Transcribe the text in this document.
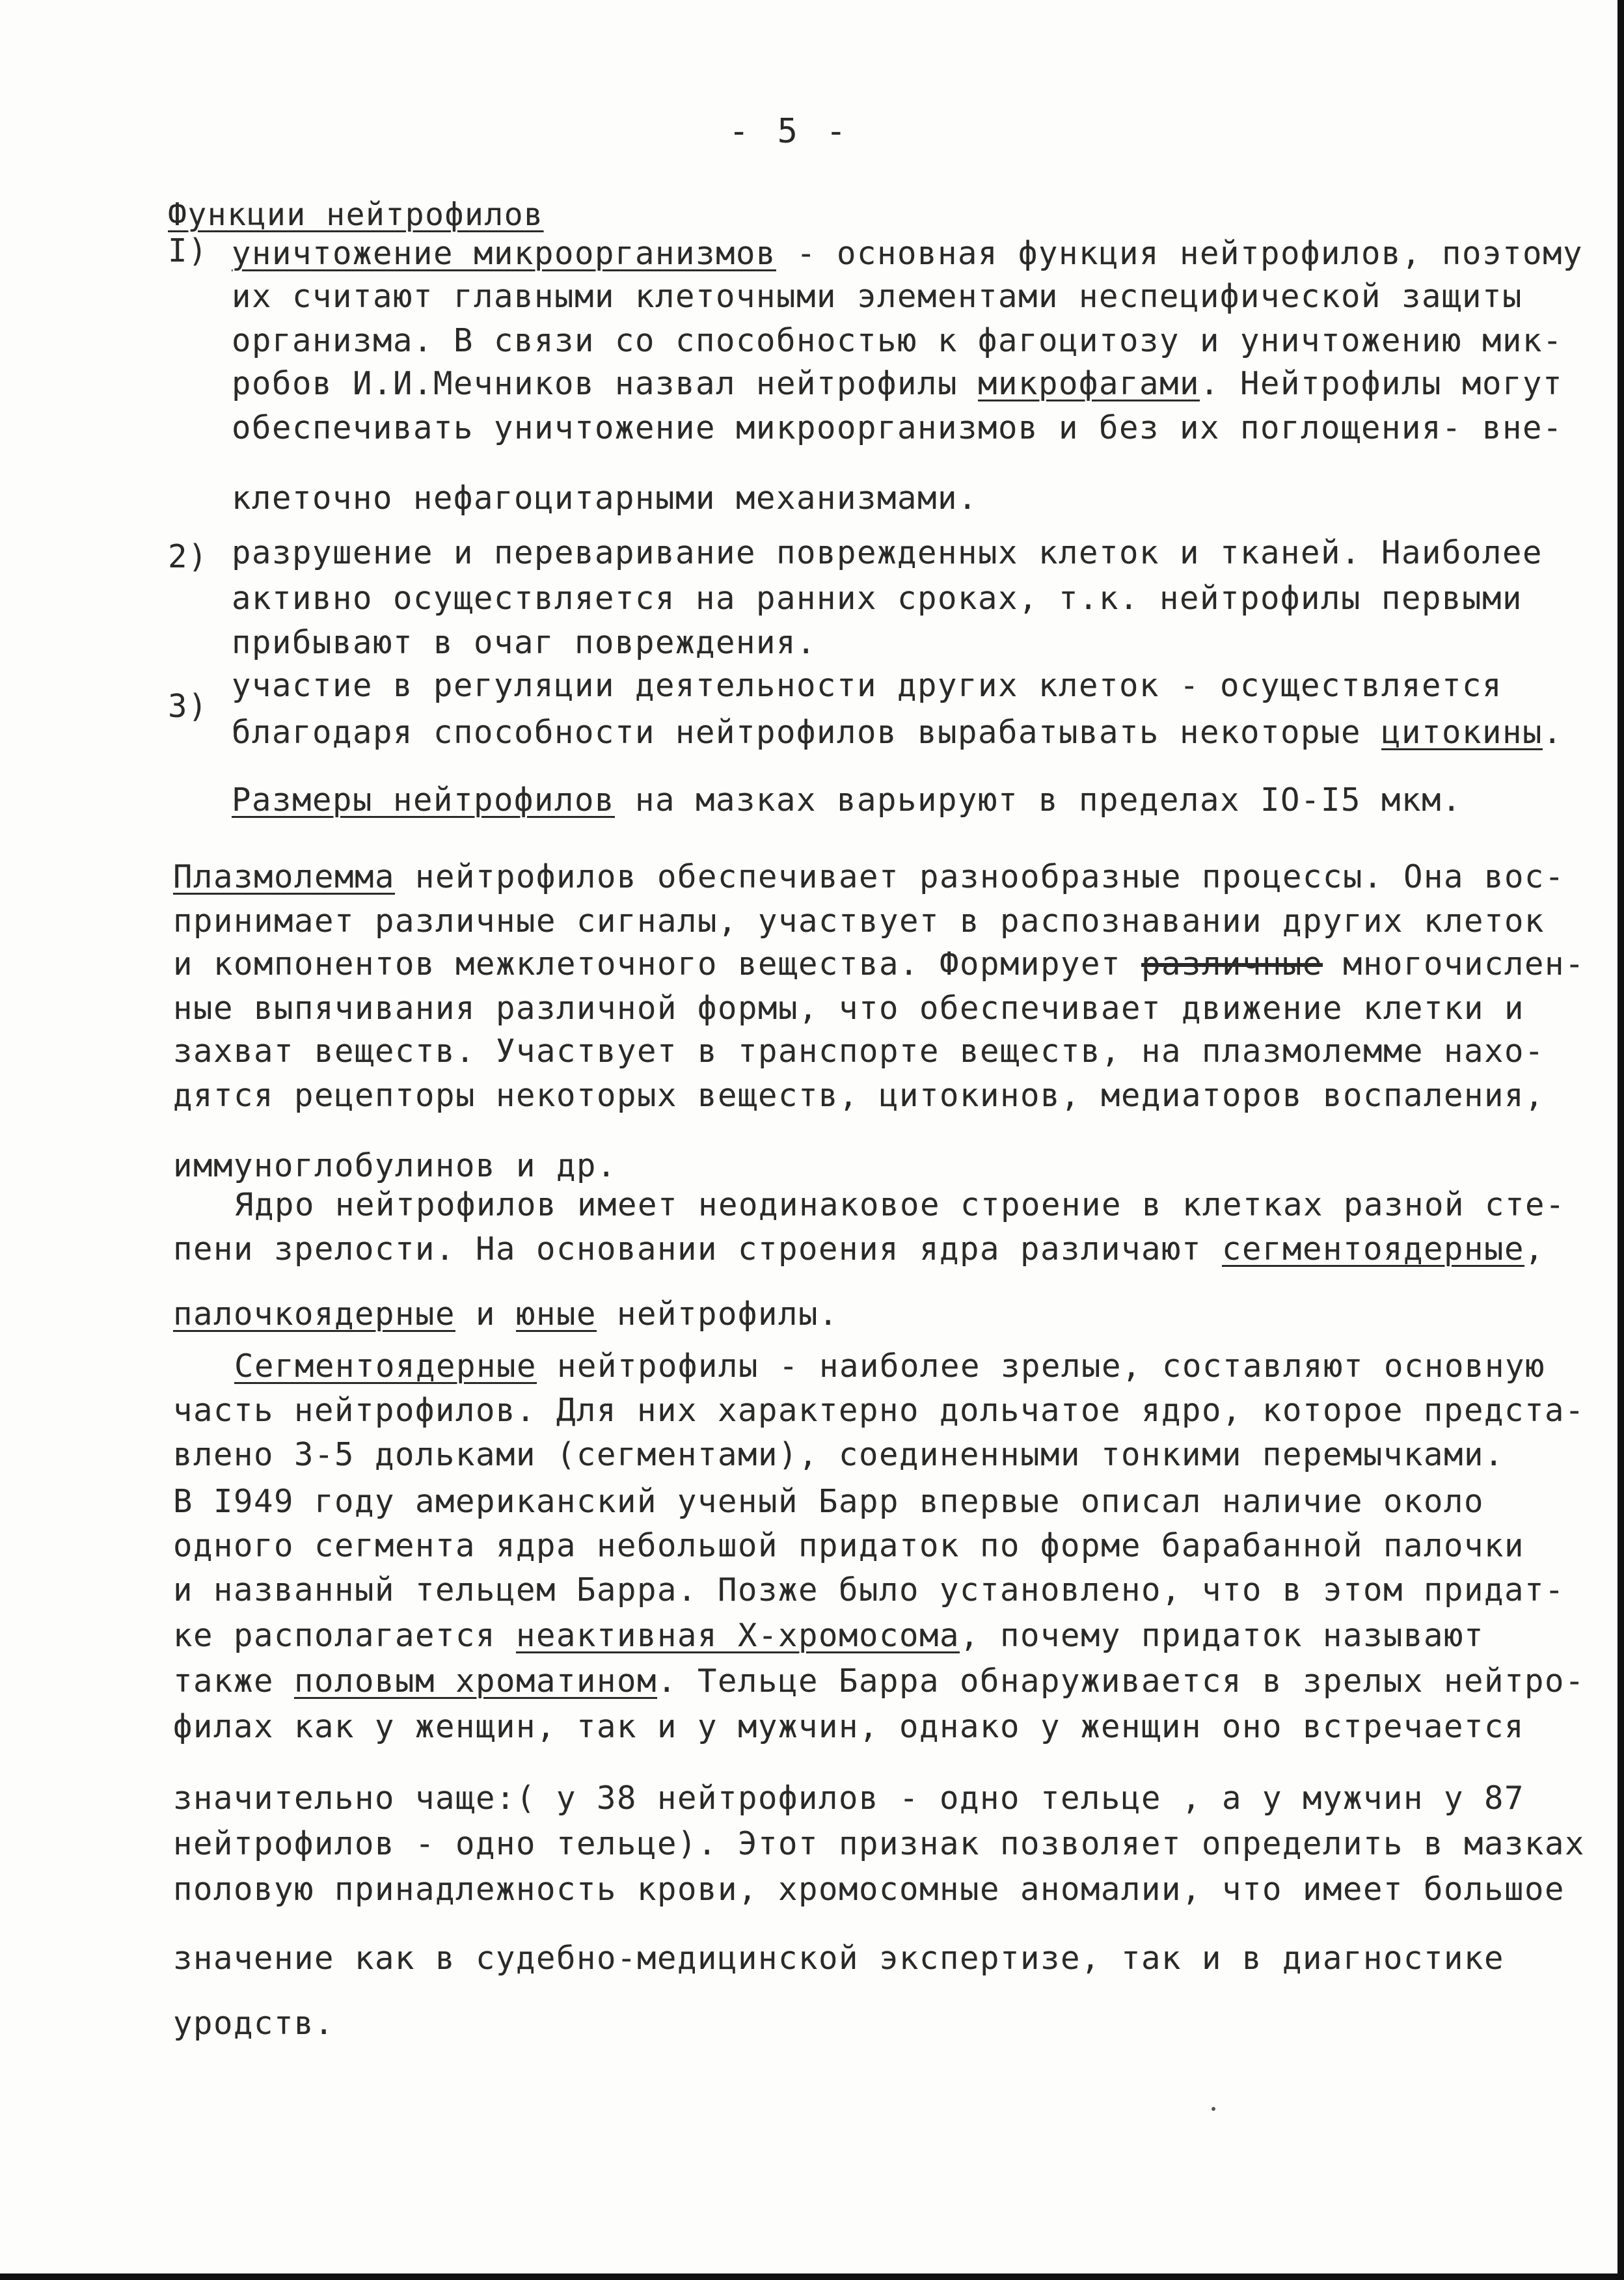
- 5 -
Функции нейтрофилов
I) уничтожение микроорганизмов - основная функция нейтрофилов, поэтому
их считают главными клеточными элементами неспецифической защиты
организма. В связи со способностью к фагоцитозу и уничтожению мик-
робов И.И.Мечников назвал нейтрофилы микрофагами. Нейтрофилы могут
обеспечивать уничтожение микроорганизмов и без их поглощения- вне-
клеточно нефагоцитарными механизмами.
2) разрушение и переваривание поврежденных клеток и тканей. Наиболее
активно осуществляется на ранних сроках, т.к. нейтрофилы первыми
прибывают в очаг повреждения.
3)
участие в регуляции деятельности других клеток - осуществляется
благодаря способности нейтрофилов вырабатывать некоторые цитокины.
Размеры нейтрофилов на мазках варьируют в пределах IO-I5 мкм.
Плазмолемма нейтрофилов обеспечивает разнообразные процессы. Она вос-
принимает различные сигналы, участвует в распознавании других клеток
и компонентов межклеточного вещества. Формирует различные многочислен-
ные выпячивания различной формы, что обеспечивает движение клетки и
захват веществ. Участвует в транспорте веществ, на плазмолемме нахо-
дятся рецепторы некоторых веществ, цитокинов, медиаторов воспаления,
иммуноглобулинов и др.
Ядро нейтрофилов имеет неодинаковое строение в клетках разной сте-
пени зрелости. На основании строения ядра различают сегментоядерные,
палочкоядерные и юные нейтрофилы.
Сегментоядерные нейтрофилы - наиболее зрелые, составляют основную
часть нейтрофилов. Для них характерно дольчатое ядро, которое предста-
влено 3-5 дольками (сегментами), соединенными тонкими перемычками.
В I949 году американский ученый Барр впервые описал наличие около
одного сегмента ядра небольшой придаток по форме барабанной палочки
и названный тельцем Барра. Позже было установлено, что в этом придат-
ке располагается неактивная Х-хромосома, почему придаток называют
также половым хроматином. Тельце Барра обнаруживается в зрелых нейтро-
филах как у женщин, так и у мужчин, однако у женщин оно встречается
значительно чаще:( у 38 нейтрофилов - одно тельце , а у мужчин у 87
нейтрофилов - одно тельце). Этот признак позволяет определить в мазках
половую принадлежность крови, хромосомные аномалии, что имеет большое
значение как в судебно-медицинской экспертизе, так и в диагностике
уродств.
